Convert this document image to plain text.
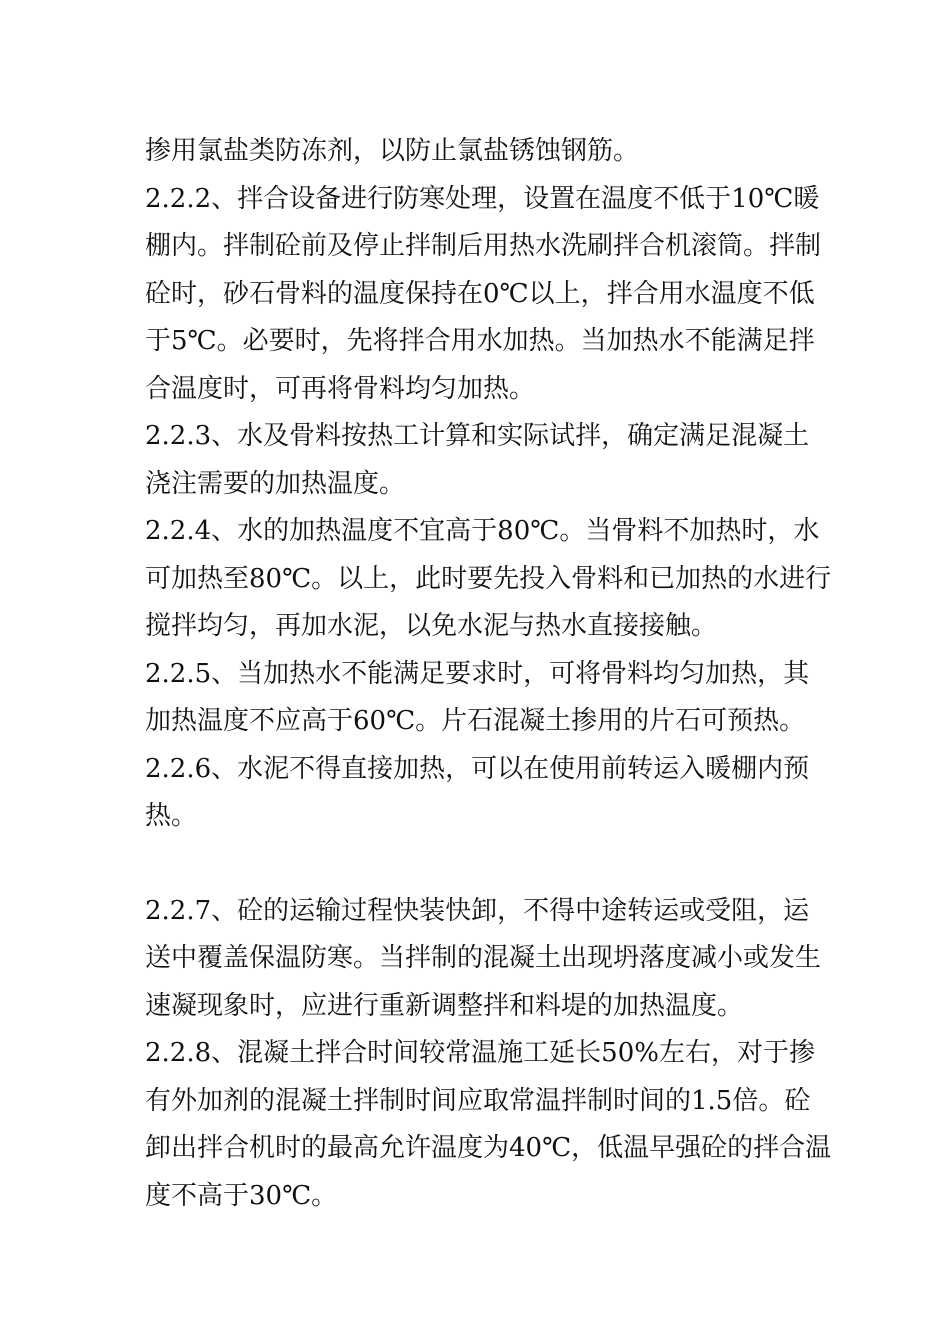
掺用氯盐类防冻剂，以防止氯盐锈蚀钢筋。

2.2.2、拌合设备进行防寒处理，设置在温度不低于10℃暖棚内。拌制砼前及停止拌制后用热水洗刷拌合机滚筒。拌制砼时，砂石骨料的温度保持在0℃以上，拌合用水温度不低于5℃。必要时，先将拌合用水加热。当加热水不能满足拌合温度时，可再将骨料均匀加热。

2.2.3、水及骨料按热工计算和实际试拌，确定满足混凝土浇注需要的加热温度。

2.2.4、水的加热温度不宜高于80℃。当骨料不加热时，水可加热至80℃。以上，此时要先投入骨料和已加热的水进行搅拌均匀，再加水泥，以免水泥与热水直接接触。

2.2.5、当加热水不能满足要求时，可将骨料均匀加热，其加热温度不应高于60℃。片石混凝土掺用的片石可预热。

2.2.6、水泥不得直接加热，可以在使用前转运入暖棚内预热。

2.2.7、砼的运输过程快装快卸，不得中途转运或受阻，运送中覆盖保温防寒。当拌制的混凝土出现坍落度减小或发生速凝现象时，应进行重新调整拌和料堤的加热温度。

2.2.8、混凝土拌合时间较常温施工延长50%左右，对于掺有外加剂的混凝土拌制时间应取常温拌制时间的1.5倍。砼卸出拌合机时的最高允许温度为40℃，低温早强砼的拌合温度不高于30℃。
